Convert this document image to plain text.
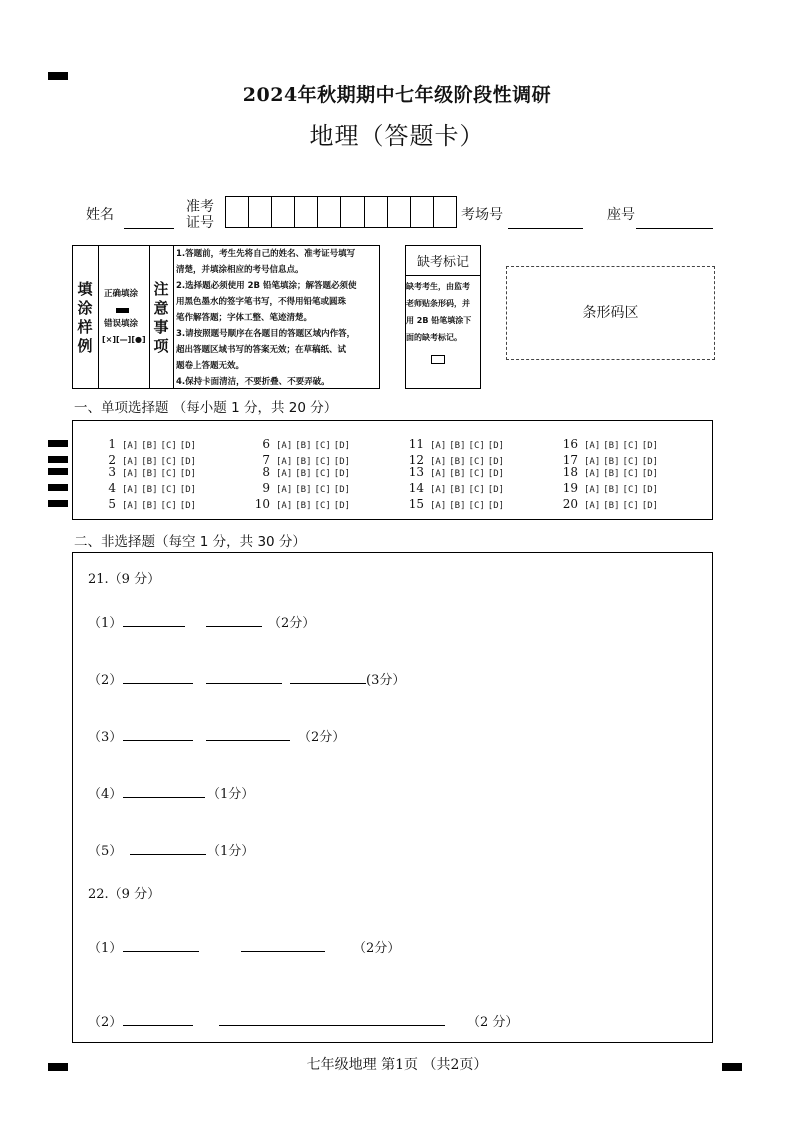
2024年秋期期中七年级阶段性调研
地理（答题卡）
姓名	准考
证号	考场号	座号
填
涂
样
例
正确填涂
错误填涂
[×][—][●]
注
意
事
项
1.答题前，考生先将自己的姓名、准考证号填写
清楚，并填涂相应的考号信息点。
2.选择题必须使用 2B 铅笔填涂；解答题必须使
用黑色墨水的签字笔书写，不得用铅笔或圆珠
笔作解答题；字体工整、笔迹清楚。
3.请按照题号顺序在各题目的答题区域内作答，
超出答题区域书写的答案无效；在草稿纸、试
题卷上答题无效。
4.保持卡面清洁，不要折叠、不要弄破。
缺考标记
缺考考生，由监考
老师贴条形码，并
用 2B 铅笔填涂下
面的缺考标记。
条形码区
一、单项选择题 （每小题 1 分，共 20 分）
1 [A] [B] [C] [D]
2 [A] [B] [C] [D]
3 [A] [B] [C] [D]
4 [A] [B] [C] [D]
5 [A] [B] [C] [D]
6 [A] [B] [C] [D]
7 [A] [B] [C] [D]
8 [A] [B] [C] [D]
9 [A] [B] [C] [D]
10 [A] [B] [C] [D]
11 [A] [B] [C] [D]
12 [A] [B] [C] [D]
13 [A] [B] [C] [D]
14 [A] [B] [C] [D]
15 [A] [B] [C] [D]
16 [A] [B] [C] [D]
17 [A] [B] [C] [D]
18 [A] [B] [C] [D]
19 [A] [B] [C] [D]
20 [A] [B] [C] [D]
二、非选择题（每空 1 分，共 30 分）
21.（9 分）
（1）	（2分）
（2）	(3分）
（3）	（2分）
（4）	（1分）
（5）	（1分）
22.（9 分）
（1）	（2分）
（2）	（2 分）
七年级地理 第1页 （共2页）
